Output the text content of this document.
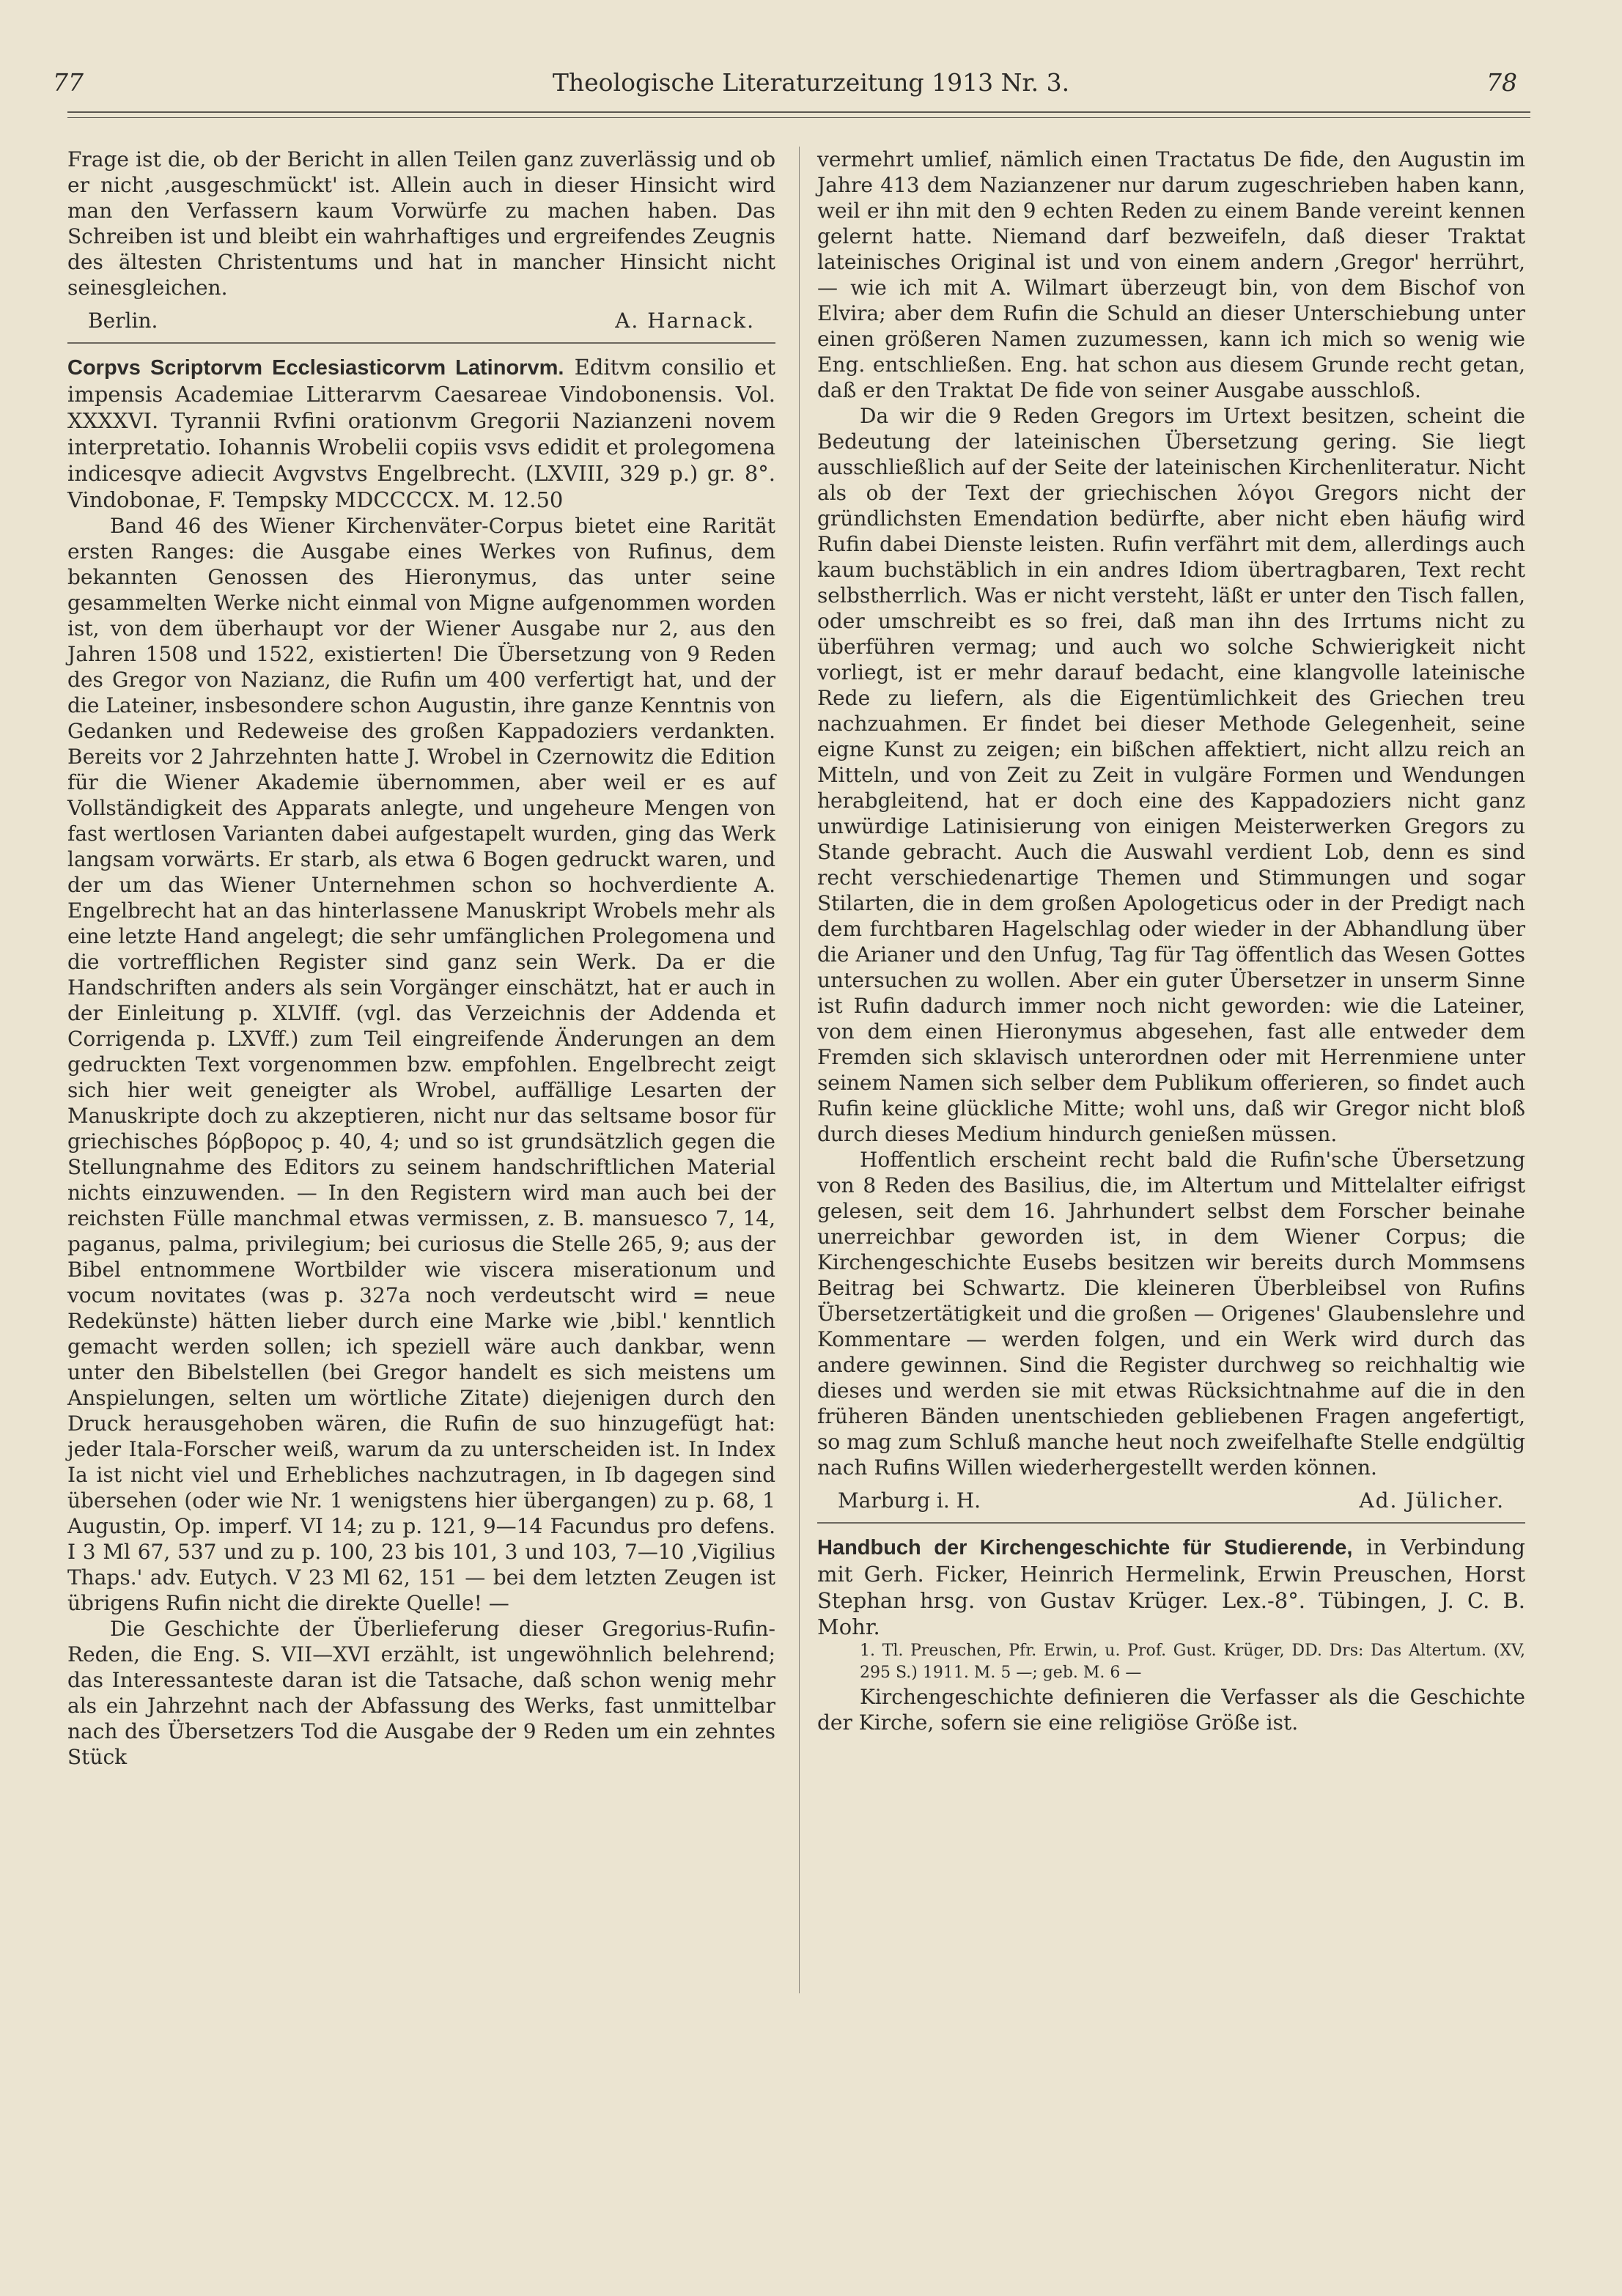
77	Theologische Literaturzeitung 1913 Nr. 3.	78

Frage ist die, ob der Bericht in allen Teilen ganz zuverlässig und ob er nicht ‚ausgeschmückt' ist. Allein auch in dieser Hinsicht wird man den Verfassern kaum Vorwürfe zu machen haben. Das Schreiben ist und bleibt ein wahrhaftiges und ergreifendes Zeugnis des ältesten Christentums und hat in mancher Hinsicht nicht seinesgleichen.

Berlin.	A. Harnack.

Corpvs Scriptorvm Ecclesiasticorvm Latinorvm. Editvm consilio et impensis Academiae Litterarvm Caesareae Vindobonensis. Vol. XXXXVI. Tyrannii Rvfini orationvm Gregorii Nazianzeni novem interpretatio. Iohannis Wrobelii copiis vsvs edidit et prolegomena indicesqve adiecit Avgvstvs Engelbrecht. (LXVIII, 329 p.) gr. 8°. Vindobonae, F. Tempsky MDCCCCX. M. 12.50

Band 46 des Wiener Kirchenväter-Corpus bietet eine Rarität ersten Ranges: die Ausgabe eines Werkes von Rufinus, dem bekannten Genossen des Hieronymus, das unter seine gesammelten Werke nicht einmal von Migne aufgenommen worden ist, von dem überhaupt vor der Wiener Ausgabe nur 2, aus den Jahren 1508 und 1522, existierten! Die Übersetzung von 9 Reden des Gregor von Nazianz, die Rufin um 400 verfertigt hat, und der die Lateiner, insbesondere schon Augustin, ihre ganze Kenntnis von Gedanken und Redeweise des großen Kappadoziers verdankten. Bereits vor 2 Jahrzehnten hatte J. Wrobel in Czernowitz die Edition für die Wiener Akademie übernommen, aber weil er es auf Vollständigkeit des Apparats anlegte, und ungeheure Mengen von fast wertlosen Varianten dabei aufgestapelt wurden, ging das Werk langsam vorwärts. Er starb, als etwa 6 Bogen gedruckt waren, und der um das Wiener Unternehmen schon so hochverdiente A. Engelbrecht hat an das hinterlassene Manuskript Wrobels mehr als eine letzte Hand angelegt; die sehr umfänglichen Prolegomena und die vortrefflichen Register sind ganz sein Werk. Da er die Handschriften anders als sein Vorgänger einschätzt, hat er auch in der Einleitung p. XLVIff. (vgl. das Verzeichnis der Addenda et Corrigenda p. LXVff.) zum Teil eingreifende Änderungen an dem gedruckten Text vorgenommen bzw. empfohlen. Engelbrecht zeigt sich hier weit geneigter als Wrobel, auffällige Lesarten der Manuskripte doch zu akzeptieren, nicht nur das seltsame bosor für griechisches βόρβορος p. 40, 4; und so ist grundsätzlich gegen die Stellungnahme des Editors zu seinem handschriftlichen Material nichts einzuwenden. — In den Registern wird man auch bei der reichsten Fülle manchmal etwas vermissen, z. B. mansuesco 7, 14, paganus, palma, privilegium; bei curiosus die Stelle 265, 9; aus der Bibel entnommene Wortbilder wie viscera miserationum und vocum novitates (was p. 327a noch verdeutscht wird = neue Redekünste) hätten lieber durch eine Marke wie ‚bibl.' kenntlich gemacht werden sollen; ich speziell wäre auch dankbar, wenn unter den Bibelstellen (bei Gregor handelt es sich meistens um Anspielungen, selten um wörtliche Zitate) diejenigen durch den Druck herausgehoben wären, die Rufin de suo hinzugefügt hat: jeder Itala-Forscher weiß, warum da zu unterscheiden ist. In Index Ia ist nicht viel und Erhebliches nachzutragen, in Ib dagegen sind übersehen (oder wie Nr. 1 wenigstens hier übergangen) zu p. 68, 1 Augustin, Op. imperf. VI 14; zu p. 121, 9—14 Facundus pro defens. I 3 Ml 67, 537 und zu p. 100, 23 bis 101, 3 und 103, 7—10 ‚Vigilius Thaps.' adv. Eutych. V 23 Ml 62, 151 — bei dem letzten Zeugen ist übrigens Rufin nicht die direkte Quelle! —

Die Geschichte der Überlieferung dieser Gregorius-Rufin-Reden, die Eng. S. VII—XVI erzählt, ist ungewöhnlich belehrend; das Interessanteste daran ist die Tatsache, daß schon wenig mehr als ein Jahrzehnt nach der Abfassung des Werks, fast unmittelbar nach des Übersetzers Tod die Ausgabe der 9 Reden um ein zehntes Stück

vermehrt umlief, nämlich einen Tractatus De fide, den Augustin im Jahre 413 dem Nazianzener nur darum zugeschrieben haben kann, weil er ihn mit den 9 echten Reden zu einem Bande vereint kennen gelernt hatte. Niemand darf bezweifeln, daß dieser Traktat lateinisches Original ist und von einem andern ‚Gregor' herrührt, — wie ich mit A. Wilmart überzeugt bin, von dem Bischof von Elvira; aber dem Rufin die Schuld an dieser Unterschiebung unter einen größeren Namen zuzumessen, kann ich mich so wenig wie Eng. entschließen. Eng. hat schon aus diesem Grunde recht getan, daß er den Traktat De fide von seiner Ausgabe ausschloß.

Da wir die 9 Reden Gregors im Urtext besitzen, scheint die Bedeutung der lateinischen Übersetzung gering. Sie liegt ausschließlich auf der Seite der lateinischen Kirchenliteratur. Nicht als ob der Text der griechischen λόγοι Gregors nicht der gründlichsten Emendation bedürfte, aber nicht eben häufig wird Rufin dabei Dienste leisten. Rufin verfährt mit dem, allerdings auch kaum buchstäblich in ein andres Idiom übertragbaren, Text recht selbstherrlich. Was er nicht versteht, läßt er unter den Tisch fallen, oder umschreibt es so frei, daß man ihn des Irrtums nicht zu überführen vermag; und auch wo solche Schwierigkeit nicht vorliegt, ist er mehr darauf bedacht, eine klangvolle lateinische Rede zu liefern, als die Eigentümlichkeit des Griechen treu nachzuahmen. Er findet bei dieser Methode Gelegenheit, seine eigne Kunst zu zeigen; ein bißchen affektiert, nicht allzu reich an Mitteln, und von Zeit zu Zeit in vulgäre Formen und Wendungen herabgleitend, hat er doch eine des Kappadoziers nicht ganz unwürdige Latinisierung von einigen Meisterwerken Gregors zu Stande gebracht. Auch die Auswahl verdient Lob, denn es sind recht verschiedenartige Themen und Stimmungen und sogar Stilarten, die in dem großen Apologeticus oder in der Predigt nach dem furchtbaren Hagelschlag oder wieder in der Abhandlung über die Arianer und den Unfug, Tag für Tag öffentlich das Wesen Gottes untersuchen zu wollen. Aber ein guter Übersetzer in unserm Sinne ist Rufin dadurch immer noch nicht geworden: wie die Lateiner, von dem einen Hieronymus abgesehen, fast alle entweder dem Fremden sich sklavisch unterordnen oder mit Herrenmiene unter seinem Namen sich selber dem Publikum offerieren, so findet auch Rufin keine glückliche Mitte; wohl uns, daß wir Gregor nicht bloß durch dieses Medium hindurch genießen müssen.

Hoffentlich erscheint recht bald die Rufin'sche Übersetzung von 8 Reden des Basilius, die, im Altertum und Mittelalter eifrigst gelesen, seit dem 16. Jahrhundert selbst dem Forscher beinahe unerreichbar geworden ist, in dem Wiener Corpus; die Kirchengeschichte Eusebs besitzen wir bereits durch Mommsens Beitrag bei Schwartz. Die kleineren Überbleibsel von Rufins Übersetzertätigkeit und die großen — Origenes' Glaubenslehre und Kommentare — werden folgen, und ein Werk wird durch das andere gewinnen. Sind die Register durchweg so reichhaltig wie dieses und werden sie mit etwas Rücksichtnahme auf die in den früheren Bänden unentschieden gebliebenen Fragen angefertigt, so mag zum Schluß manche heut noch zweifelhafte Stelle endgültig nach Rufins Willen wiederhergestellt werden können.

Marburg i. H.	Ad. Jülicher.

Handbuch der Kirchengeschichte für Studierende, in Verbindung mit Gerh. Ficker, Heinrich Hermelink, Erwin Preuschen, Horst Stephan hrsg. von Gustav Krüger. Lex.-8°. Tübingen, J. C. B. Mohr.

1. Tl. Preuschen, Pfr. Erwin, u. Prof. Gust. Krüger, DD. Drs: Das Altertum. (XV, 295 S.) 1911. M. 5 —; geb. M. 6 —

Kirchengeschichte definieren die Verfasser als die Geschichte der Kirche, sofern sie eine religiöse Größe ist.
